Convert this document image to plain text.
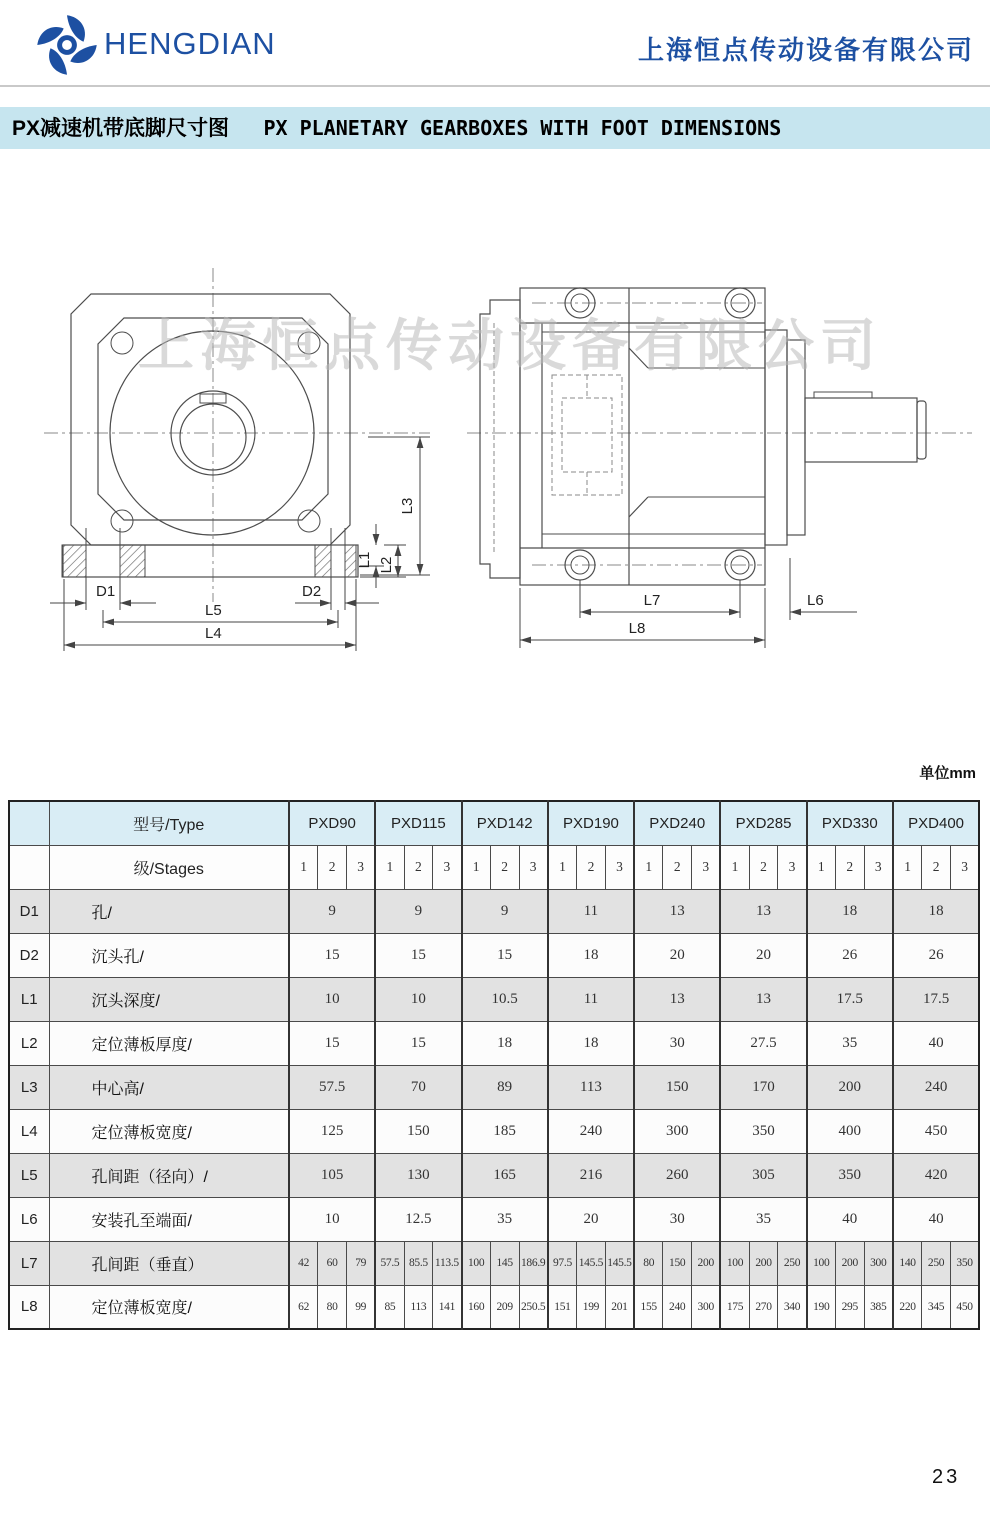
HENGDIAN	上海恒点传动设备有限公司
PX减速机带底脚尺寸图 PX PLANETARY GEARBOXES WITH FOOT DIMENSIONS
上海恒点传动设备有限公司
D1	D2
L5
L4
L3
L1 L2
L7	L6
L8
单位mm
	型号/Type	PXD90			PXD115			PXD142			PXD190			PXD240			PXD285			PXD330			PXD400		
	级/Stages	1	2	3	1	2	3	1	2	3	1	2	3	1	2	3	1	2	3	1	2	3	1	2	3
D1	孔/	9			9			9			11			13			13			18			18		
D2	沉头孔/	15			15			15			18			20			20			26			26		
L1	沉头深度/	10			10			10.5			11			13			13			17.5			17.5		
L2	定位薄板厚度/	15			15			18			18			30			27.5			35			40		
L3	中心高/	57.5			70			89			113			150			170			200			240		
L4	定位薄板宽度/	125			150			185			240			300			350			400			450		
L5	孔间距（径向）/	105			130			165			216			260			305			350			420		
L6	安装孔至端面/	10			12.5			35			20			30			35			40			40		
L7	孔间距（垂直）	42	60	79	57.5	85.5	113.5	100	145	186.9	97.5	145.5	145.5	80	150	200	100	200	250	100	200	300	140	250	350
L8	定位薄板宽度/	62	80	99	85	113	141	160	209	250.5	151	199	201	155	240	300	175	270	340	190	295	385	220	345	450
23
